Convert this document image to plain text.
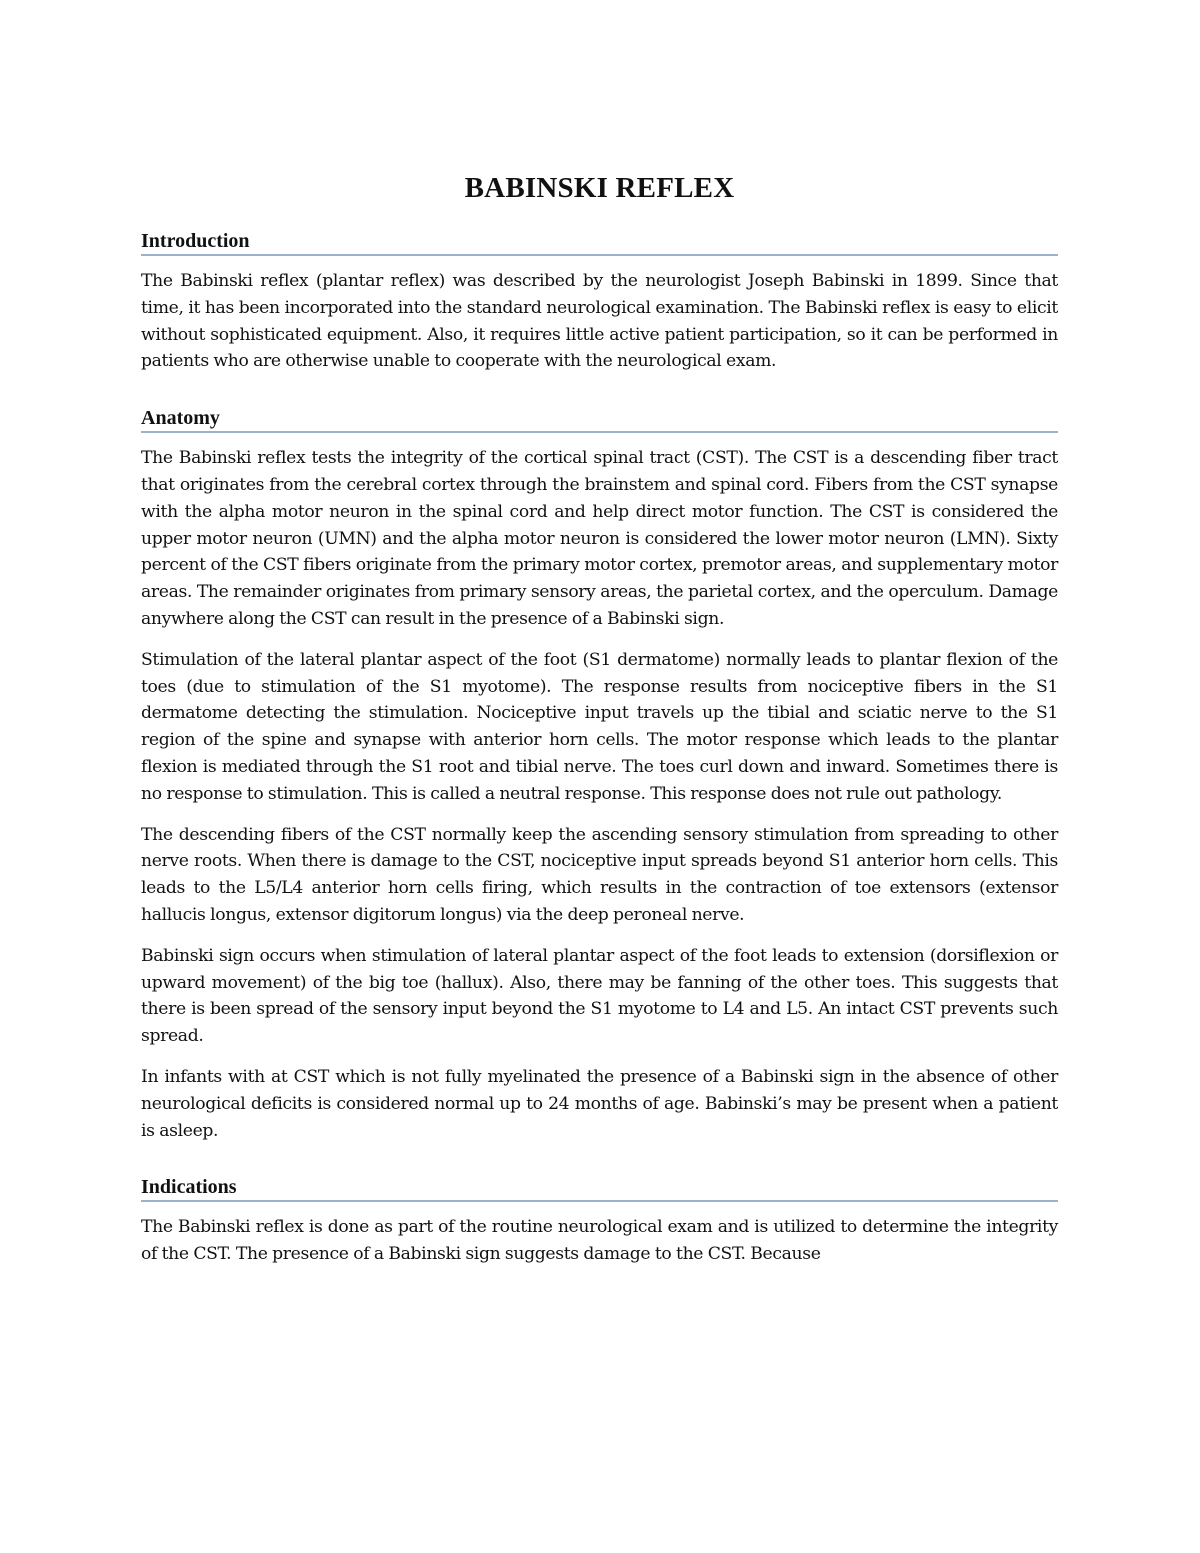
BABINSKI REFLEX
Introduction

The Babinski reflex (plantar reflex) was described by the neurologist Joseph Babinski in 1899. Since that time, it has been incorporated into the standard neurological examination. The Babinski reflex is easy to elicit without sophisticated equipment. Also, it requires little active patient participation, so it can be performed in patients who are otherwise unable to cooperate with the neurological exam.

Anatomy

The Babinski reflex tests the integrity of the cortical spinal tract (CST). The CST is a descending fiber tract that originates from the cerebral cortex through the brainstem and spinal cord. Fibers from the CST synapse with the alpha motor neuron in the spinal cord and help direct motor function. The CST is considered the upper motor neuron (UMN) and the alpha motor neuron is considered the lower motor neuron (LMN). Sixty percent of the CST fibers originate from the primary motor cortex, premotor areas, and supplementary motor areas. The remainder originates from primary sensory areas, the parietal cortex, and the operculum. Damage anywhere along the CST can result in the presence of a Babinski sign.

Stimulation of the lateral plantar aspect of the foot (S1 dermatome) normally leads to plantar flexion of the toes (due to stimulation of the S1 myotome). The response results from nociceptive fibers in the S1 dermatome detecting the stimulation. Nociceptive input travels up the tibial and sciatic nerve to the S1 region of the spine and synapse with anterior horn cells. The motor response which leads to the plantar flexion is mediated through the S1 root and tibial nerve. The toes curl down and inward. Sometimes there is no response to stimulation. This is called a neutral response. This response does not rule out pathology.

The descending fibers of the CST normally keep the ascending sensory stimulation from spreading to other nerve roots. When there is damage to the CST, nociceptive input spreads beyond S1 anterior horn cells. This leads to the L5/L4 anterior horn cells firing, which results in the contraction of toe extensors (extensor hallucis longus, extensor digitorum longus) via the deep peroneal nerve.

Babinski sign occurs when stimulation of lateral plantar aspect of the foot leads to extension (dorsiflexion or upward movement) of the big toe (hallux). Also, there may be fanning of the other toes. This suggests that there is been spread of the sensory input beyond the S1 myotome to L4 and L5. An intact CST prevents such spread.

In infants with at CST which is not fully myelinated the presence of a Babinski sign in the absence of other neurological deficits is considered normal up to 24 months of age. Babinski’s may be present when a patient is asleep.

Indications

The Babinski reflex is done as part of the routine neurological exam and is utilized to determine the integrity of the CST. The presence of a Babinski sign suggests damage to the CST. Because
